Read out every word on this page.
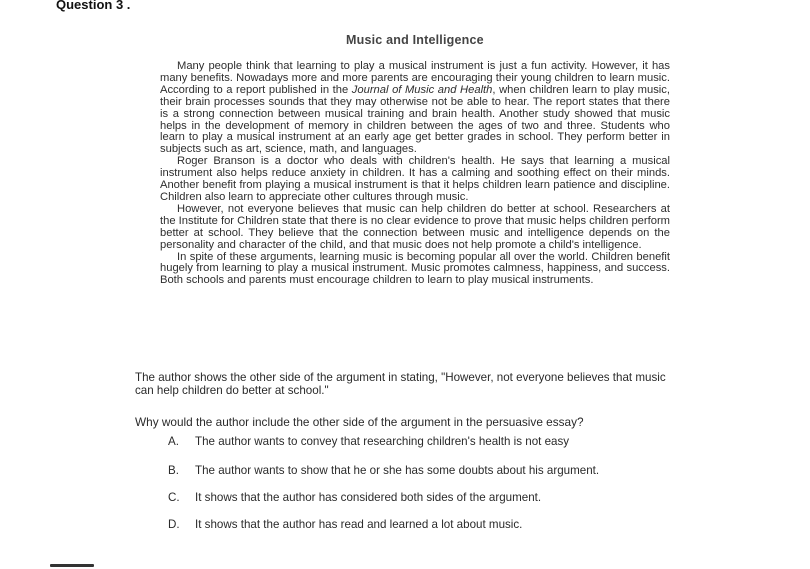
Question 3 .
Music and Intelligence

Many people think that learning to play a musical instrument is just a fun activity. However, it has many benefits. Nowadays more and more parents are encouraging their young children to learn music. According to a report published in the Journal of Music and Health, when children learn to play music, their brain processes sounds that they may otherwise not be able to hear. The report states that there is a strong connection between musical training and brain health. Another study showed that music helps in the development of memory in children between the ages of two and three. Students who learn to play a musical instrument at an early age get better grades in school. They perform better in subjects such as art, science, math, and languages.

Roger Branson is a doctor who deals with children's health. He says that learning a musical instrument also helps reduce anxiety in children. It has a calming and soothing effect on their minds. Another benefit from playing a musical instrument is that it helps children learn patience and discipline. Children also learn to appreciate other cultures through music.

However, not everyone believes that music can help children do better at school. Researchers at the Institute for Children state that there is no clear evidence to prove that music helps children perform better at school. They believe that the connection between music and intelligence depends on the personality and character of the child, and that music does not help promote a child's intelligence.

In spite of these arguments, learning music is becoming popular all over the world. Children benefit hugely from learning to play a musical instrument. Music promotes calmness, happiness, and success. Both schools and parents must encourage children to learn to play musical instruments.

The author shows the other side of the argument in stating, "However, not everyone believes that music can help children do better at school."
Why would the author include the other side of the argument in the persuasive essay?
A. The author wants to convey that researching children's health is not easy
B. The author wants to show that he or she has some doubts about his argument.
C. It shows that the author has considered both sides of the argument.
D. It shows that the author has read and learned a lot about music.
